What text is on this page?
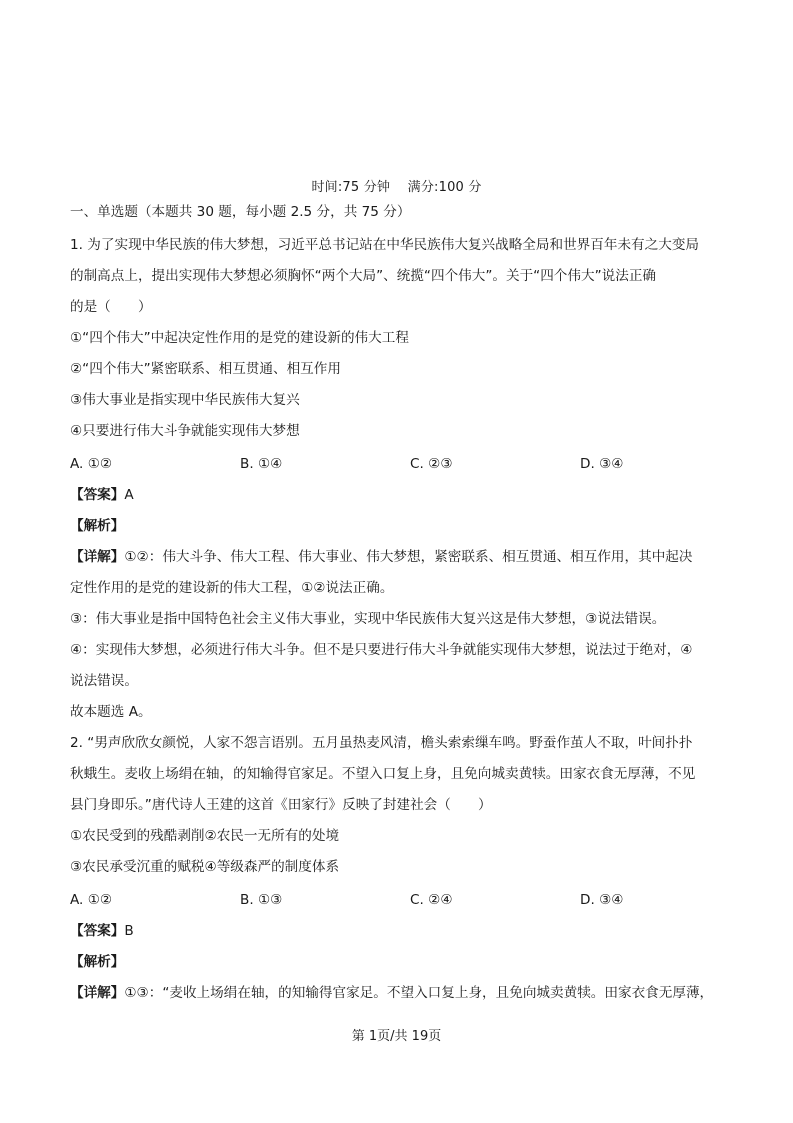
时间:75 分钟　 满分:100 分
一、单选题（本题共 30 题，每小题 2.5 分，共 75 分）
1. 为了实现中华民族的伟大梦想，习近平总书记站在中华民族伟大复兴战略全局和世界百年未有之大变局
的制高点上，提出实现伟大梦想必须胸怀“两个大局”、统揽“四个伟大”。关于“四个伟大”说法正确
的是（　　）
①“四个伟大”中起决定性作用的是党的建设新的伟大工程
②“四个伟大”紧密联系、相互贯通、相互作用
③伟大事业是指实现中华民族伟大复兴
④只要进行伟大斗争就能实现伟大梦想
A. ①②	B. ①④	C. ②③	D. ③④
【答案】A
【解析】
【详解】①②：伟大斗争、伟大工程、伟大事业、伟大梦想，紧密联系、相互贯通、相互作用，其中起决
定性作用的是党的建设新的伟大工程，①②说法正确。
③：伟大事业是指中国特色社会主义伟大事业，实现中华民族伟大复兴这是伟大梦想，③说法错误。
④：实现伟大梦想，必须进行伟大斗争。但不是只要进行伟大斗争就能实现伟大梦想，说法过于绝对，④
说法错误。
故本题选 A。
2. “男声欣欣女颜悦，人家不怨言语别。五月虽热麦风清，檐头索索缫车鸣。野蚕作茧人不取，叶间扑扑
秋蛾生。麦收上场绢在轴，的知输得官家足。不望入口复上身，且免向城卖黄犊。田家衣食无厚薄，不见
县门身即乐。”唐代诗人王建的这首《田家行》反映了封建社会（　　）
①农民受到的残酷剥削②农民一无所有的处境
③农民承受沉重的赋税④等级森严的制度体系
A. ①②	B. ①③	C. ②④	D. ③④
【答案】B
【解析】
【详解】①③：“麦收上场绢在轴，的知输得官家足。不望入口复上身，且免向城卖黄犊。田家衣食无厚薄，
第 1页/共 19页
